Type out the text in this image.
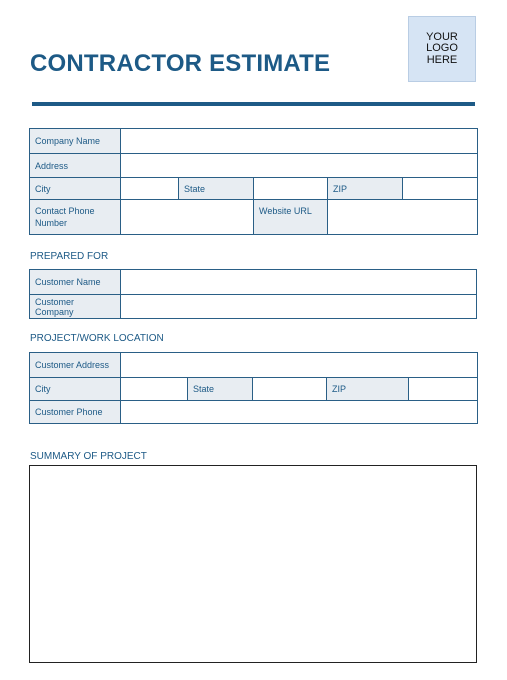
CONTRACTOR ESTIMATE
YOUR
LOGO
HERE
Company Name					
Address					
City		State		ZIP	
Contact Phone Number			Website URL		

PREPARED FOR

Customer Name	
Customer Company	

PROJECT/WORK LOCATION

Customer Address					
City		State		ZIP	
Customer Phone					

SUMMARY OF PROJECT
